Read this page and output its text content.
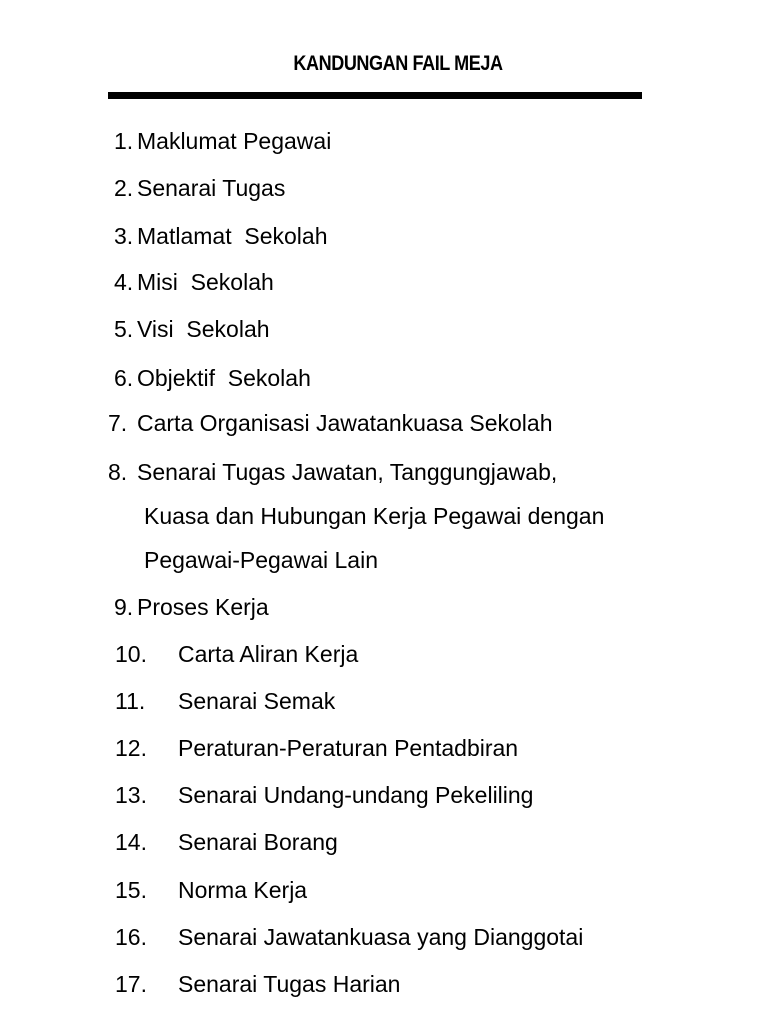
KANDUNGAN FAIL MEJA
1. Maklumat Pegawai
2. Senarai Tugas
3. Matlamat  Sekolah
4. Misi  Sekolah
5. Visi  Sekolah
6. Objektif  Sekolah
7. Carta Organisasi Jawatankuasa Sekolah
8. Senarai Tugas Jawatan, Tanggungjawab,
Kuasa dan Hubungan Kerja Pegawai dengan
Pegawai-Pegawai Lain
9. Proses Kerja
10. Carta Aliran Kerja
11. Senarai Semak
12. Peraturan-Peraturan Pentadbiran
13. Senarai Undang-undang Pekeliling
14. Senarai Borang
15. Norma Kerja
16. Senarai Jawatankuasa yang Dianggotai
17. Senarai Tugas Harian
